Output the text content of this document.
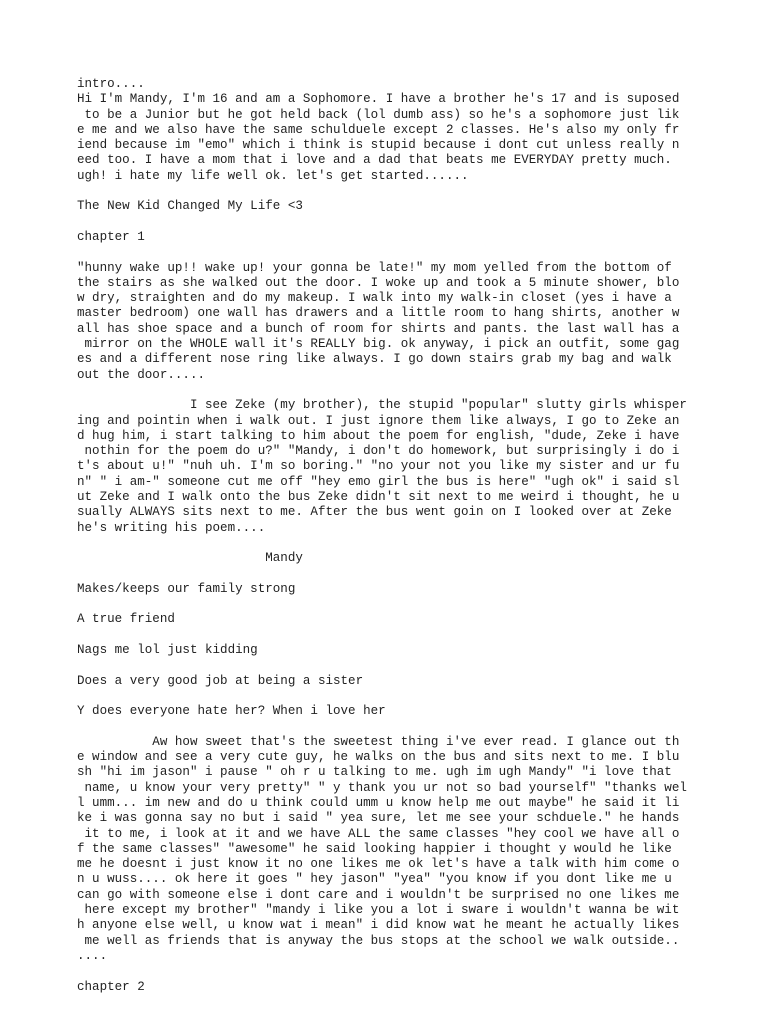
intro....
Hi I'm Mandy, I'm 16 and am a Sophomore. I have a brother he's 17 and is suposed
to be a Junior but he got held back (lol dumb ass) so he's a sophomore just lik
e me and we also have the same schulduele except 2 classes. He's also my only fr
iend because im "emo" which i think is stupid because i dont cut unless really n
eed too. I have a mom that i love and a dad that beats me EVERYDAY pretty much.
ugh! i hate my life well ok. let's get started......
The New Kid Changed My Life <3
chapter 1
"hunny wake up!! wake up! your gonna be late!" my mom yelled from the bottom of
the stairs as she walked out the door. I woke up and took a 5 minute shower, blo
w dry, straighten and do my makeup. I walk into my walk-in closet (yes i have a
master bedroom) one wall has drawers and a little room to hang shirts, another w
all has shoe space and a bunch of room for shirts and pants. the last wall has a
mirror on the WHOLE wall it's REALLY big. ok anyway, i pick an outfit, some gag
es and a different nose ring like always. I go down stairs grab my bag and walk
out the door.....
I see Zeke (my brother), the stupid "popular" slutty girls whisper
ing and pointin when i walk out. I just ignore them like always, I go to Zeke an
d hug him, i start talking to him about the poem for english, "dude, Zeke i have
nothin for the poem do u?" "Mandy, i don't do homework, but surprisingly i do i
t's about u!" "nuh uh. I'm so boring." "no your not you like my sister and ur fu
n" " i am-" someone cut me off "hey emo girl the bus is here" "ugh ok" i said sl
ut Zeke and I walk onto the bus Zeke didn't sit next to me weird i thought, he u
sually ALWAYS sits next to me. After the bus went goin on I looked over at Zeke
he's writing his poem....
Mandy
Makes/keeps our family strong
A true friend
Nags me lol just kidding
Does a very good job at being a sister
Y does everyone hate her? When i love her
Aw how sweet that's the sweetest thing i've ever read. I glance out th
e window and see a very cute guy, he walks on the bus and sits next to me. I blu
sh "hi im jason" i pause " oh r u talking to me. ugh im ugh Mandy" "i love that
name, u know your very pretty" " y thank you ur not so bad yourself" "thanks wel
l umm... im new and do u think could umm u know help me out maybe" he said it li
ke i was gonna say no but i said " yea sure, let me see your schduele." he hands
it to me, i look at it and we have ALL the same classes "hey cool we have all o
f the same classes" "awesome" he said looking happier i thought y would he like
me he doesnt i just know it no one likes me ok let's have a talk with him come o
n u wuss.... ok here it goes " hey jason" "yea" "you know if you dont like me u
can go with someone else i dont care and i wouldn't be surprised no one likes me
here except my brother" "mandy i like you a lot i sware i wouldn't wanna be wit
h anyone else well, u know wat i mean" i did know wat he meant he actually likes
me well as friends that is anyway the bus stops at the school we walk outside..
....
chapter 2
